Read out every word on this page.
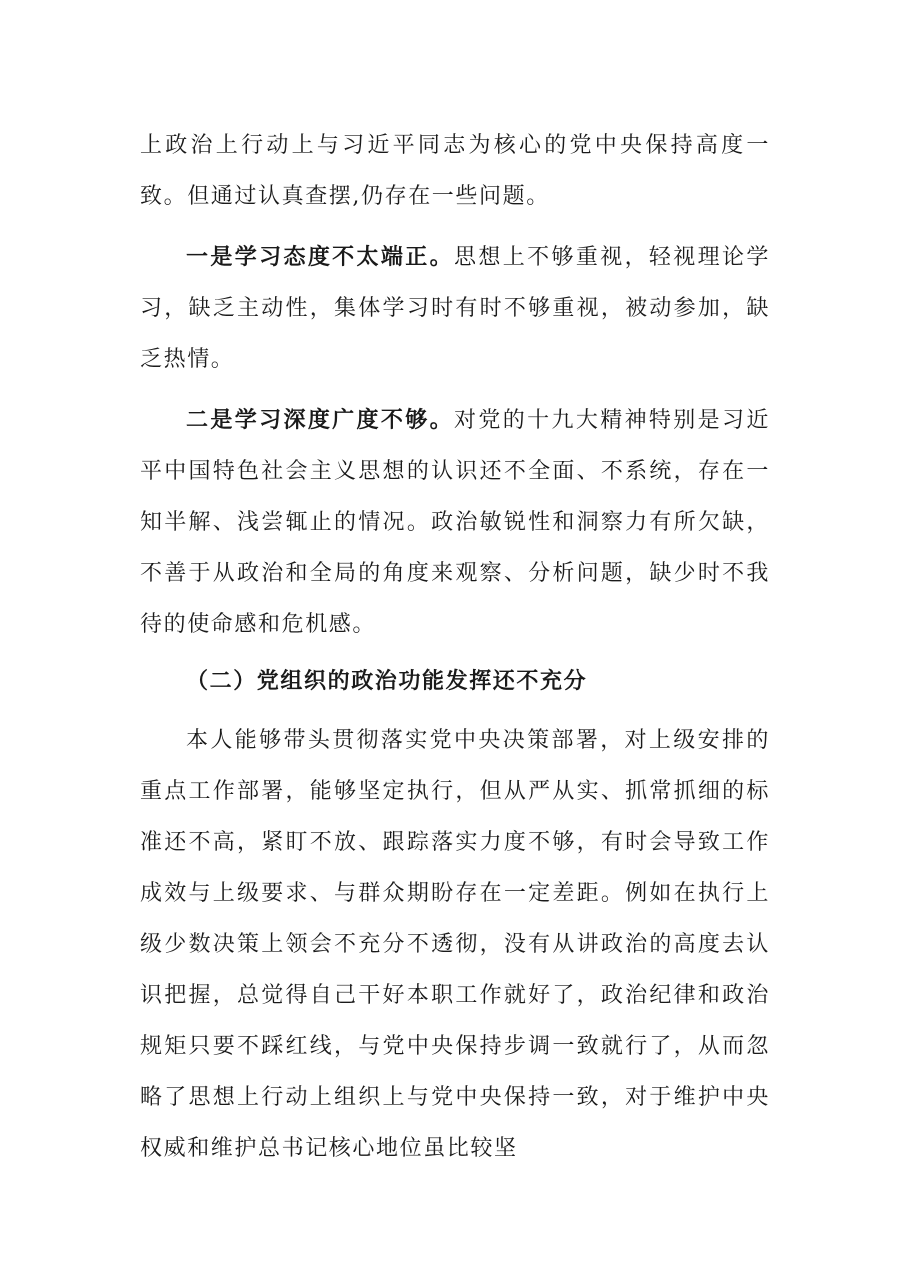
上政治上行动上与习近平同志为核心的党中央保持高度一致。但通过认真查摆,仍存在一些问题。

一是学习态度不太端正。思想上不够重视，轻视理论学习，缺乏主动性，集体学习时有时不够重视，被动参加，缺乏热情。

二是学习深度广度不够。对党的十九大精神特别是习近平中国特色社会主义思想的认识还不全面、不系统，存在一知半解、浅尝辄止的情况。政治敏锐性和洞察力有所欠缺，不善于从政治和全局的角度来观察、分析问题，缺少时不我待的使命感和危机感。

（二）党组织的政治功能发挥还不充分

本人能够带头贯彻落实党中央决策部署，对上级安排的重点工作部署，能够坚定执行，但从严从实、抓常抓细的标准还不高，紧盯不放、跟踪落实力度不够，有时会导致工作成效与上级要求、与群众期盼存在一定差距。例如在执行上级少数决策上领会不充分不透彻，没有从讲政治的高度去认识把握，总觉得自己干好本职工作就好了，政治纪律和政治规矩只要不踩红线，与党中央保持步调一致就行了，从而忽略了思想上行动上组织上与党中央保持一致，对于维护中央权威和维护总书记核心地位虽比较坚
